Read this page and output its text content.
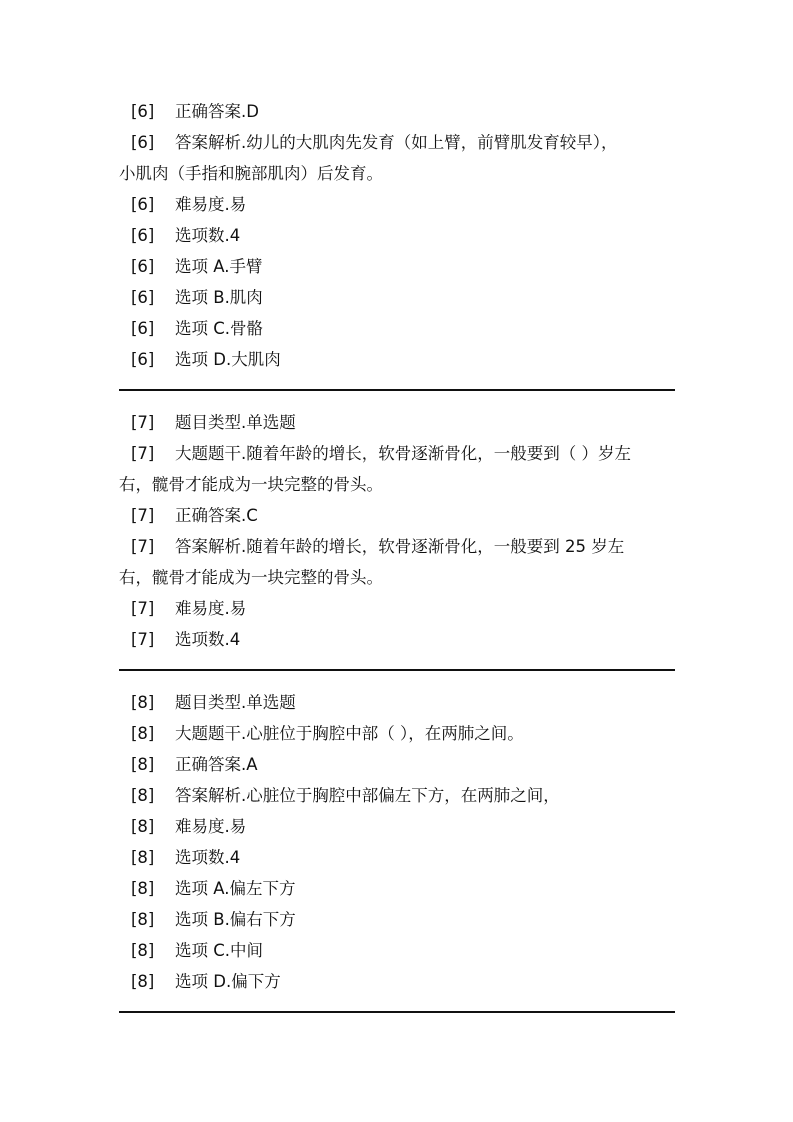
[6] 正确答案.D
[6] 答案解析.幼儿的大肌肉先发育（如上臂，前臂肌发育较早），
小肌肉（手指和腕部肌肉）后发育。
[6] 难易度.易
[6] 选项数.4
[6] 选项 A.手臂
[6] 选项 B.肌肉
[6] 选项 C.骨骼
[6] 选项 D.大肌肉
[7] 题目类型.单选题
[7] 大题题干.随着年龄的增长，软骨逐渐骨化，一般要到（ ）岁左
右，髋骨才能成为一块完整的骨头。
[7] 正确答案.C
[7] 答案解析.随着年龄的增长，软骨逐渐骨化，一般要到 25 岁左
右，髋骨才能成为一块完整的骨头。
[7] 难易度.易
[7] 选项数.4
[8] 题目类型.单选题
[8] 大题题干.心脏位于胸腔中部（ ），在两肺之间。
[8] 正确答案.A
[8] 答案解析.心脏位于胸腔中部偏左下方，在两肺之间，
[8] 难易度.易
[8] 选项数.4
[8] 选项 A.偏左下方
[8] 选项 B.偏右下方
[8] 选项 C.中间
[8] 选项 D.偏下方
